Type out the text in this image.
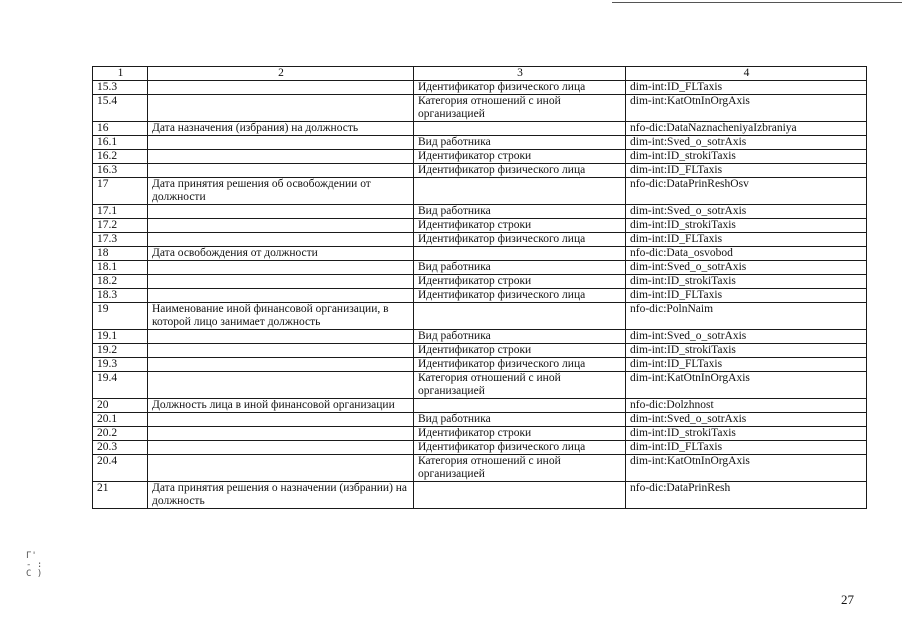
1	2	3	4
15.3		Идентификатор физического лица	dim-int:ID_FLTaxis
15.4		Категория отношений с иной организацией	dim-int:KatOtnInOrgAxis
16	Дата назначения (избрания) на должность		nfo-dic:DataNaznacheniyaIzbraniya
16.1		Вид работника	dim-int:Sved_o_sotrAxis
16.2		Идентификатор строки	dim-int:ID_strokiTaxis
16.3		Идентификатор физического лица	dim-int:ID_FLTaxis
17	Дата принятия решения об освобождении от должности		nfo-dic:DataPrinReshOsv
17.1		Вид работника	dim-int:Sved_o_sotrAxis
17.2		Идентификатор строки	dim-int:ID_strokiTaxis
17.3		Идентификатор физического лица	dim-int:ID_FLTaxis
18	Дата освобождения от должности		nfo-dic:Data_osvobod
18.1		Вид работника	dim-int:Sved_o_sotrAxis
18.2		Идентификатор строки	dim-int:ID_strokiTaxis
18.3		Идентификатор физического лица	dim-int:ID_FLTaxis
19	Наименование иной финансовой организации, в которой лицо занимает должность		nfo-dic:PolnNaim
19.1		Вид работника	dim-int:Sved_o_sotrAxis
19.2		Идентификатор строки	dim-int:ID_strokiTaxis
19.3		Идентификатор физического лица	dim-int:ID_FLTaxis
19.4		Категория отношений с иной организацией	dim-int:KatOtnInOrgAxis
20	Должность лица в иной финансовой организации		nfo-dic:Dolzhnost
20.1		Вид работника	dim-int:Sved_o_sotrAxis
20.2		Идентификатор строки	dim-int:ID_strokiTaxis
20.3		Идентификатор физического лица	dim-int:ID_FLTaxis
20.4		Категория отношений с иной организацией	dim-int:KatOtnInOrgAxis
21	Дата принятия решения о назначении (избрании) на должность		nfo-dic:DataPrinResh
27
Г'
- :
С )
